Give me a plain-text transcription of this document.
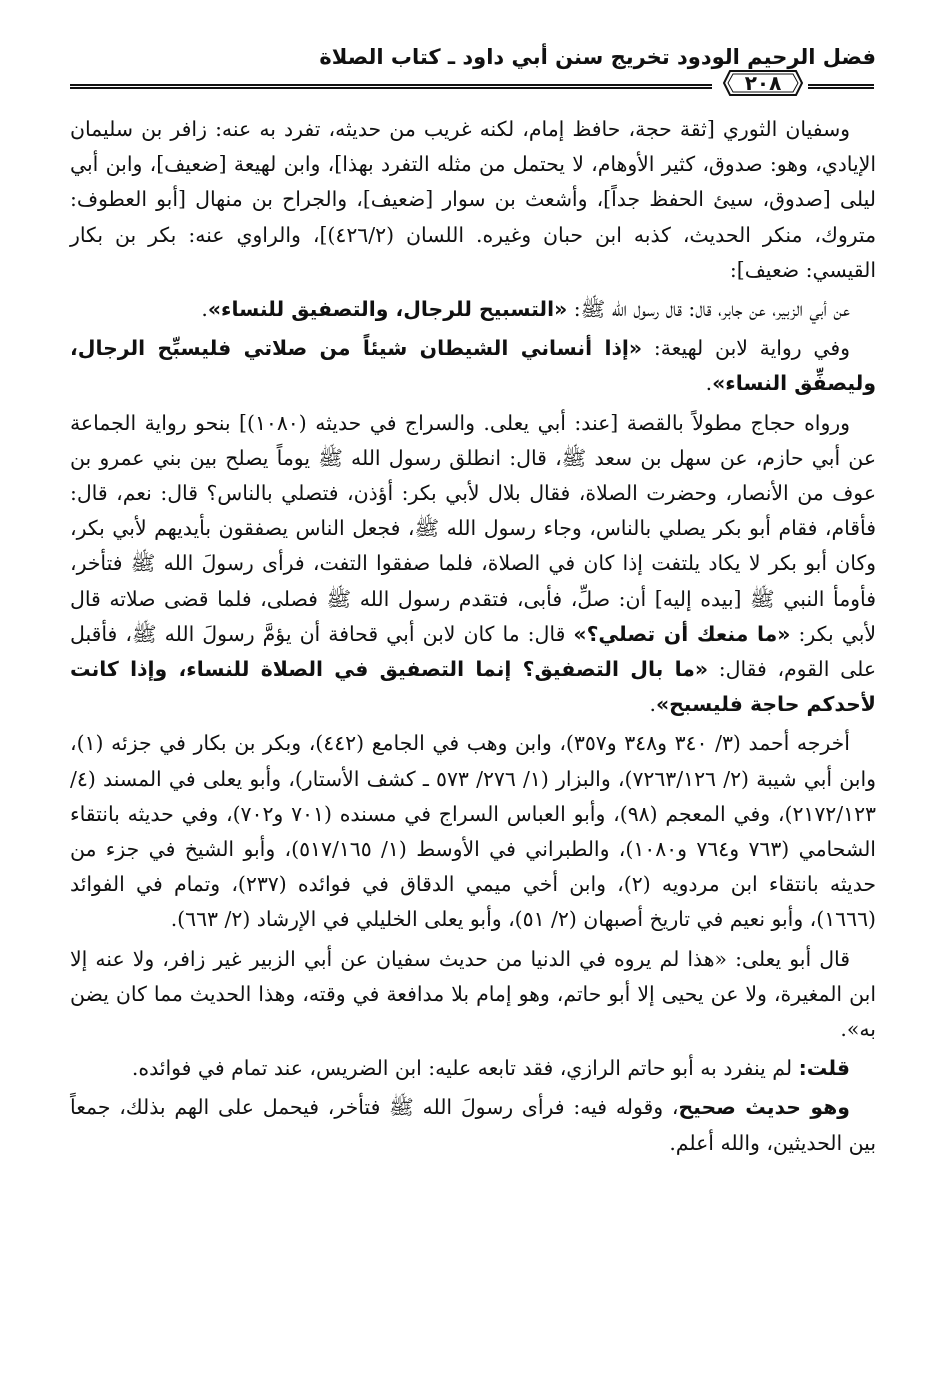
فضل الرحيم الودود تخريج سنن أبي داود ـ كتاب الصلاة
٢٠٨

وسفيان الثوري [ثقة حجة، حافظ إمام، لكنه غريب من حديثه، تفرد به عنه: زافر بن سليمان الإيادي، وهو: صدوق، كثير الأوهام، لا يحتمل من مثله التفرد بهذا]، وابن لهيعة [ضعيف]، وابن أبي ليلى [صدوق، سيئ الحفظ جداً]، وأشعث بن سوار [ضعيف]، والجراح بن منهال [أبو العطوف: متروك، منكر الحديث، كذبه ابن حبان وغيره. اللسان (٤٢٦/٢)]، والراوي عنه: بكر بن بكار القيسي: ضعيف]:

عن أبي الزبير، عن جابر، قال: قال رسول الله ﷺ: «التسبيح للرجال، والتصفيق للنساء».

وفي رواية لابن لهيعة: «إذا أنساني الشيطان شيئاً من صلاتي فليسبِّح الرجال، وليصفِّق النساء».

ورواه حجاج مطولاً بالقصة [عند: أبي يعلى. والسراج في حديثه (١٠٨٠)] بنحو رواية الجماعة عن أبي حازم، عن سهل بن سعد ﷺ، قال: انطلق رسول الله ﷺ يوماً يصلح بين بني عمرو بن عوف من الأنصار، وحضرت الصلاة، فقال بلال لأبي بكر: أؤذن، فتصلي بالناس؟ قال: نعم، قال: فأقام، فقام أبو بكر يصلي بالناس، وجاء رسول الله ﷺ، فجعل الناس يصفقون بأيديهم لأبي بكر، وكان أبو بكر لا يكاد يلتفت إذا كان في الصلاة، فلما صفقوا التفت، فرأى رسولَ الله ﷺ فتأخر، فأومأ النبي ﷺ [بيده إليه] أن: صلِّ، فأبى، فتقدم رسول الله ﷺ فصلى، فلما قضى صلاته قال لأبي بكر: «ما منعك أن تصلي؟» قال: ما كان لابن أبي قحافة أن يؤمَّ رسولَ الله ﷺ، فأقبل على القوم، فقال: «ما بال التصفيق؟ إنما التصفيق في الصلاة للنساء، وإذا كانت لأحدكم حاجة فليسبح».

أخرجه أحمد (٣/ ٣٤٠ و٣٤٨ و٣٥٧)، وابن وهب في الجامع (٤٤٢)، وبكر بن بكار في جزئه (١)، وابن أبي شيبة (٢/ ٧٢٦٣/١٢٦)، والبزار (١/ ٢٧٦/ ٥٧٣ ـ كشف الأستار)، وأبو يعلى في المسند (٤/ ٢١٧٢/١٢٣)، وفي المعجم (٩٨)، وأبو العباس السراج في مسنده (٧٠١ و٧٠٢)، وفي حديثه بانتقاء الشحامي (٧٦٣ و٧٦٤ و١٠٨٠)، والطبراني في الأوسط (١/ ٥١٧/١٦٥)، وأبو الشيخ في جزء من حديثه بانتقاء ابن مردويه (٢)، وابن أخي ميمي الدقاق في فوائده (٢٣٧)، وتمام في الفوائد (١٦٦٦)، وأبو نعيم في تاريخ أصبهان (٢/ ٥١)، وأبو يعلى الخليلي في الإرشاد (٢/ ٦٦٣).

قال أبو يعلى: «هذا لم يروه في الدنيا من حديث سفيان عن أبي الزبير غير زافر، ولا عنه إلا ابن المغيرة، ولا عن يحيى إلا أبو حاتم، وهو إمام بلا مدافعة في وقته، وهذا الحديث مما كان يضن به».

قلت: لم ينفرد به أبو حاتم الرازي، فقد تابعه عليه: ابن الضريس، عند تمام في فوائده.

وهو حديث صحيح، وقوله فيه: فرأى رسولَ الله ﷺ فتأخر، فيحمل على الهم بذلك، جمعاً بين الحديثين، والله أعلم.
